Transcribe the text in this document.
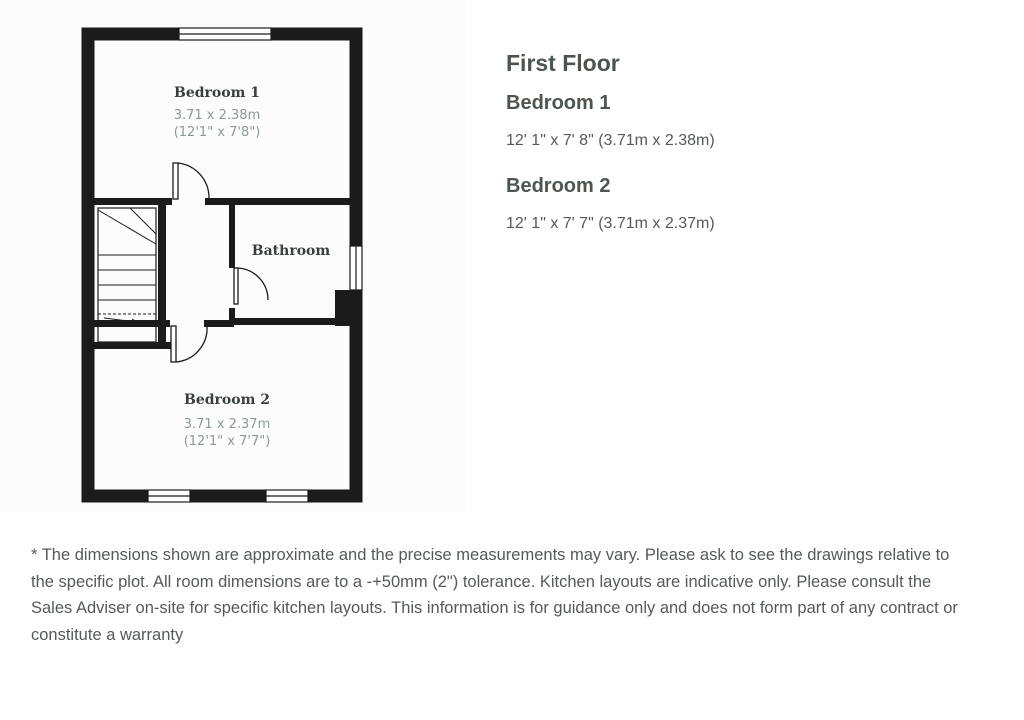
Bedroom 1
3.71 x 2.38m
(12'1" x 7'8")
Bathroom
Bedroom 2
3.71 x 2.37m
(12'1" x 7'7")
First Floor
Bedroom 1

12' 1" x 7' 8" (3.71m x 2.38m)

Bedroom 2

12' 1" x 7' 7" (3.71m x 2.37m)

* The dimensions shown are approximate and the precise measurements may vary. Please ask to see the drawings relative to the specific plot. All room dimensions are to a -+50mm (2") tolerance. Kitchen layouts are indicative only. Please consult the Sales Adviser on-site for specific kitchen layouts. This information is for guidance only and does not form part of any contract or constitute a warranty
